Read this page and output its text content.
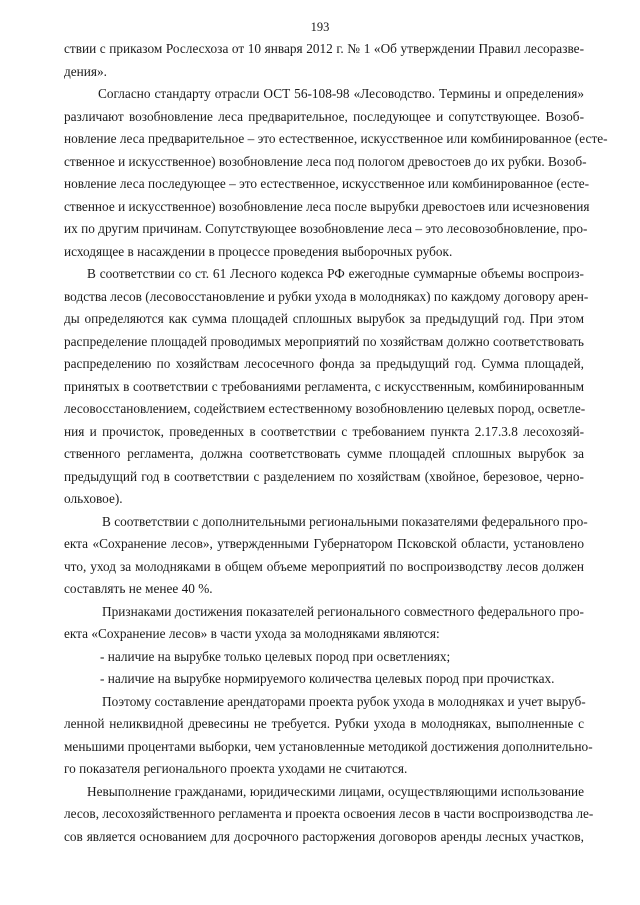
193
ствии с приказом Рослесхоза от 10 января 2012 г. № 1 «Об утверждении Правил лесоразве-
дения».
Согласно стандарту отрасли ОСТ 56-108-98 «Лесоводство. Термины и определения»
различают возобновление леса предварительное, последующее и сопутствующее. Возоб-
новление леса предварительное – это естественное, искусственное или комбинированное (есте-
ственное и искусственное) возобновление леса под пологом древостоев до их рубки. Возоб-
новление леса последующее – это естественное, искусственное или комбинированное (есте-
ственное и искусственное) возобновление леса после вырубки древостоев или исчезновения
их по другим причинам. Сопутствующее возобновление леса – это лесовозобновление, про-
исходящее в насаждении в процессе проведения выборочных рубок.
В соответствии со ст. 61 Лесного кодекса РФ ежегодные суммарные объемы воспроиз-
водства лесов (лесовосстановление и рубки ухода в молодняках) по каждому договору арен-
ды определяются как сумма площадей сплошных вырубок за предыдущий год. При этом
распределение площадей проводимых мероприятий по хозяйствам должно соответствовать
распределению по хозяйствам лесосечного фонда за предыдущий год. Сумма площадей,
принятых в соответствии с требованиями регламента, с искусственным, комбинированным
лесовосстановлением, содействием естественному возобновлению целевых пород, осветле-
ния и прочисток, проведенных в соответствии с требованием пункта 2.17.3.8 лесохозяй-
ственного регламента, должна соответствовать сумме площадей сплошных вырубок за
предыдущий год в соответствии с разделением по хозяйствам (хвойное, березовое, черно-
ольховое).
В соответствии с дополнительными региональными показателями федерального про-
екта «Сохранение лесов», утвержденными Губернатором Псковской области, установлено
что, уход за молодняками в общем объеме мероприятий по воспроизводству лесов должен
составлять не менее 40 %.
Признаками достижения показателей регионального совместного федерального про-
екта «Сохранение лесов» в части ухода за молодняками являются:
- наличие на вырубке только целевых пород при осветлениях;
- наличие на вырубке нормируемого количества целевых пород при прочистках.
Поэтому составление арендаторами проекта рубок ухода в молодняках и учет выруб-
ленной неликвидной древесины не требуется. Рубки ухода в молодняках, выполненные с
меньшими процентами выборки, чем установленные методикой достижения дополнительно-
го показателя регионального проекта уходами не считаются.
Невыполнение гражданами, юридическими лицами, осуществляющими использование
лесов, лесохозяйственного регламента и проекта освоения лесов в части воспроизводства ле-
сов является основанием для досрочного расторжения договоров аренды лесных участков,
